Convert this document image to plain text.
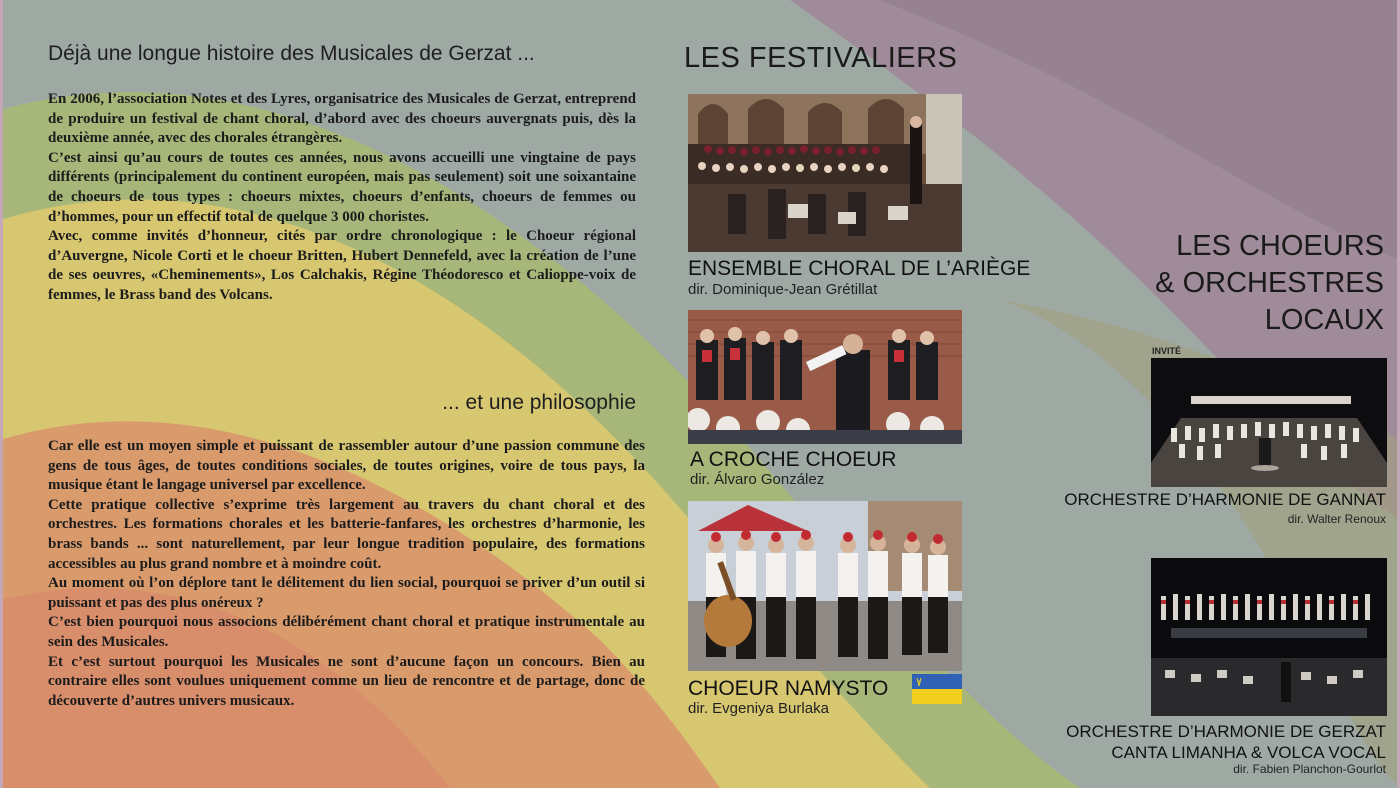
Déjà une longue histoire des Musicales de Gerzat ...

En 2006, l’association Notes et des Lyres, organisatrice des Musicales de Gerzat, entreprend de produire un festival de chant choral, d’abord avec des choeurs auvergnats puis, dès la deuxième année, avec des chorales étrangères.
C’est ainsi qu’au cours de toutes ces années, nous avons accueilli une vingtaine de pays différents (principalement du continent européen, mais pas seulement) soit une soixantaine de choeurs de tous types : choeurs mixtes, choeurs d’enfants, choeurs de femmes ou d’hommes, pour un effectif total de quelque 3 000 choristes.
Avec, comme invités d’honneur, cités par ordre chronologique : le Choeur régional d’Auvergne, Nicole Corti et le choeur Britten, Hubert Dennefeld, avec la création de l’une de ses oeuvres, «Cheminements», Los Calchakis, Régine Théodoresco et Calioppe-voix de femmes, le Brass band des Volcans.

... et une philosophie

Car elle est un moyen simple et puissant de rassembler autour d’une passion commune des gens de tous âges, de toutes conditions sociales, de toutes origines, voire de tous pays, la musique étant le langage universel par excellence.
Cette pratique collective s’exprime très largement au travers du chant choral et des orchestres. Les formations chorales et les batterie-fanfares, les orchestres d’harmonie, les brass bands ... sont naturellement, par leur longue tradition populaire, des formations accessibles au plus grand nombre et à moindre coût.
Au moment où l’on déplore tant le délitement du lien social, pourquoi se priver d’un outil si puissant et pas des plus onéreux ?
C’est bien pourquoi nous associons délibérément chant choral et pratique instrumentale au sein des Musicales.
Et c’est surtout pourquoi les Musicales ne sont d’aucune façon un concours. Bien au contraire elles sont voulues uniquement comme un lieu de rencontre et de partage, donc de découverte d’autres univers musicaux.

LES FESTIVALIERS
ENSEMBLE CHORAL DE L’ARIÈGE
dir. Dominique-Jean Grétillat
A CROCHE CHOEUR
dir. Álvaro González
CHOEUR NAMYSTO
dir. Evgeniya Burlaka
LES CHOEURS
& ORCHESTRES
LOCAUX
INVITÉ
ORCHESTRE D’HARMONIE DE GANNAT
dir. Walter Renoux
ORCHESTRE D’HARMONIE DE GERZAT
CANTA LIMANHA & VOLCA VOCAL
dir. Fabien Planchon-Gourlot
